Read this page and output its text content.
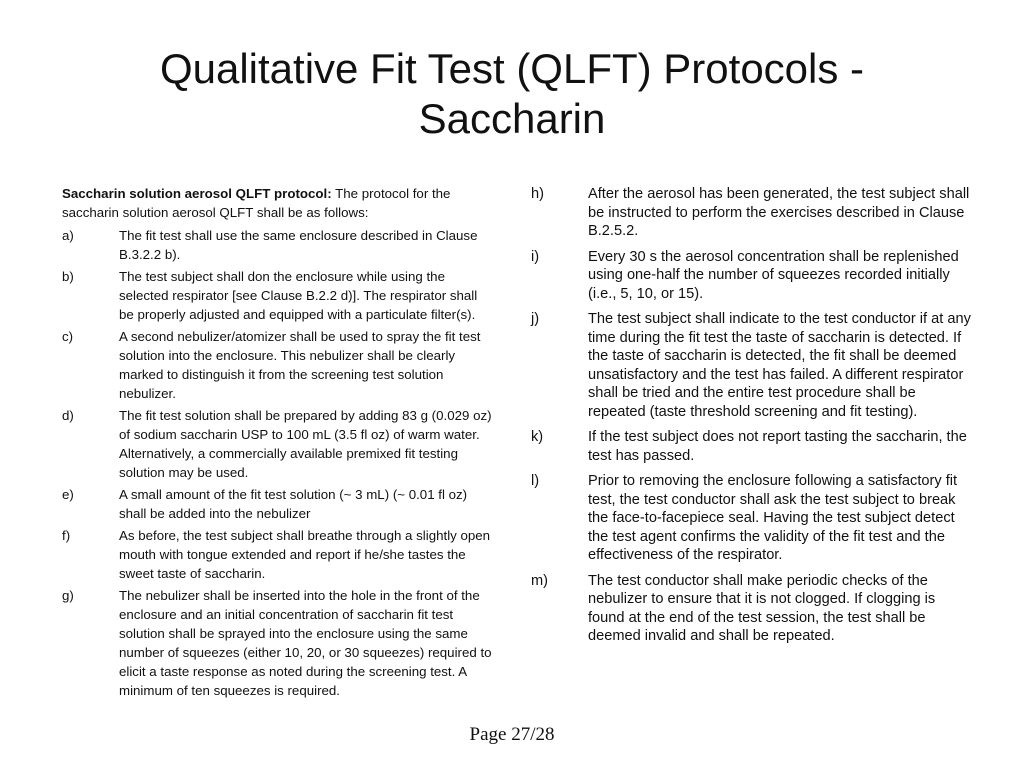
Qualitative Fit Test (QLFT) Protocols - Saccharin

Saccharin solution aerosol QLFT protocol: The protocol for the saccharin solution aerosol QLFT shall be as follows:

a)	The fit test shall use the same enclosure described in Clause B.3.2.2 b).
b)	The test subject shall don the enclosure while using the selected respirator [see Clause B.2.2 d)]. The respirator shall be properly adjusted and equipped with a particulate filter(s).
c)	A second nebulizer/atomizer shall be used to spray the fit test solution into the enclosure. This nebulizer shall be clearly marked to distinguish it from the screening test solution nebulizer.
d)	The fit test solution shall be prepared by adding 83 g (0.029 oz) of sodium saccharin USP to 100 mL (3.5 fl oz) of warm water. Alternatively, a commercially available premixed fit testing solution may be used.
e)	A small amount of the fit test solution (~ 3 mL) (~ 0.01 fl oz) shall be added into the nebulizer
f)	As before, the test subject shall breathe through a slightly open mouth with tongue extended and report if he/she tastes the sweet taste of saccharin.
g)	The nebulizer shall be inserted into the hole in the front of the enclosure and an initial concentration of saccharin fit test solution shall be sprayed into the enclosure using the same number of squeezes (either 10, 20, or 30 squeezes) required to elicit a taste response as noted during the screening test. A minimum of ten squeezes is required.
h)	After the aerosol has been generated, the test subject shall be instructed to perform the exercises described in Clause B.2.5.2.
i)	Every 30 s the aerosol concentration shall be replenished using one-half the number of squeezes recorded initially (i.e., 5, 10, or 15).
j)	The test subject shall indicate to the test conductor if at any time during the fit test the taste of saccharin is detected. If the taste of saccharin is detected, the fit shall be deemed unsatisfactory and the test has failed. A different respirator shall be tried and the entire test procedure shall be repeated (taste threshold screening and fit testing).
k)	If the test subject does not report tasting the saccharin, the test has passed.
l)	Prior to removing the enclosure following a satisfactory fit test, the test conductor shall ask the test subject to break the face-to-facepiece seal. Having the test subject detect the test agent confirms the validity of the fit test and the effectiveness of the respirator.
m)	The test conductor shall make periodic checks of the nebulizer to ensure that it is not clogged. If clogging is found at the end of the test session, the test shall be deemed invalid and shall be repeated.
Page 27/28
